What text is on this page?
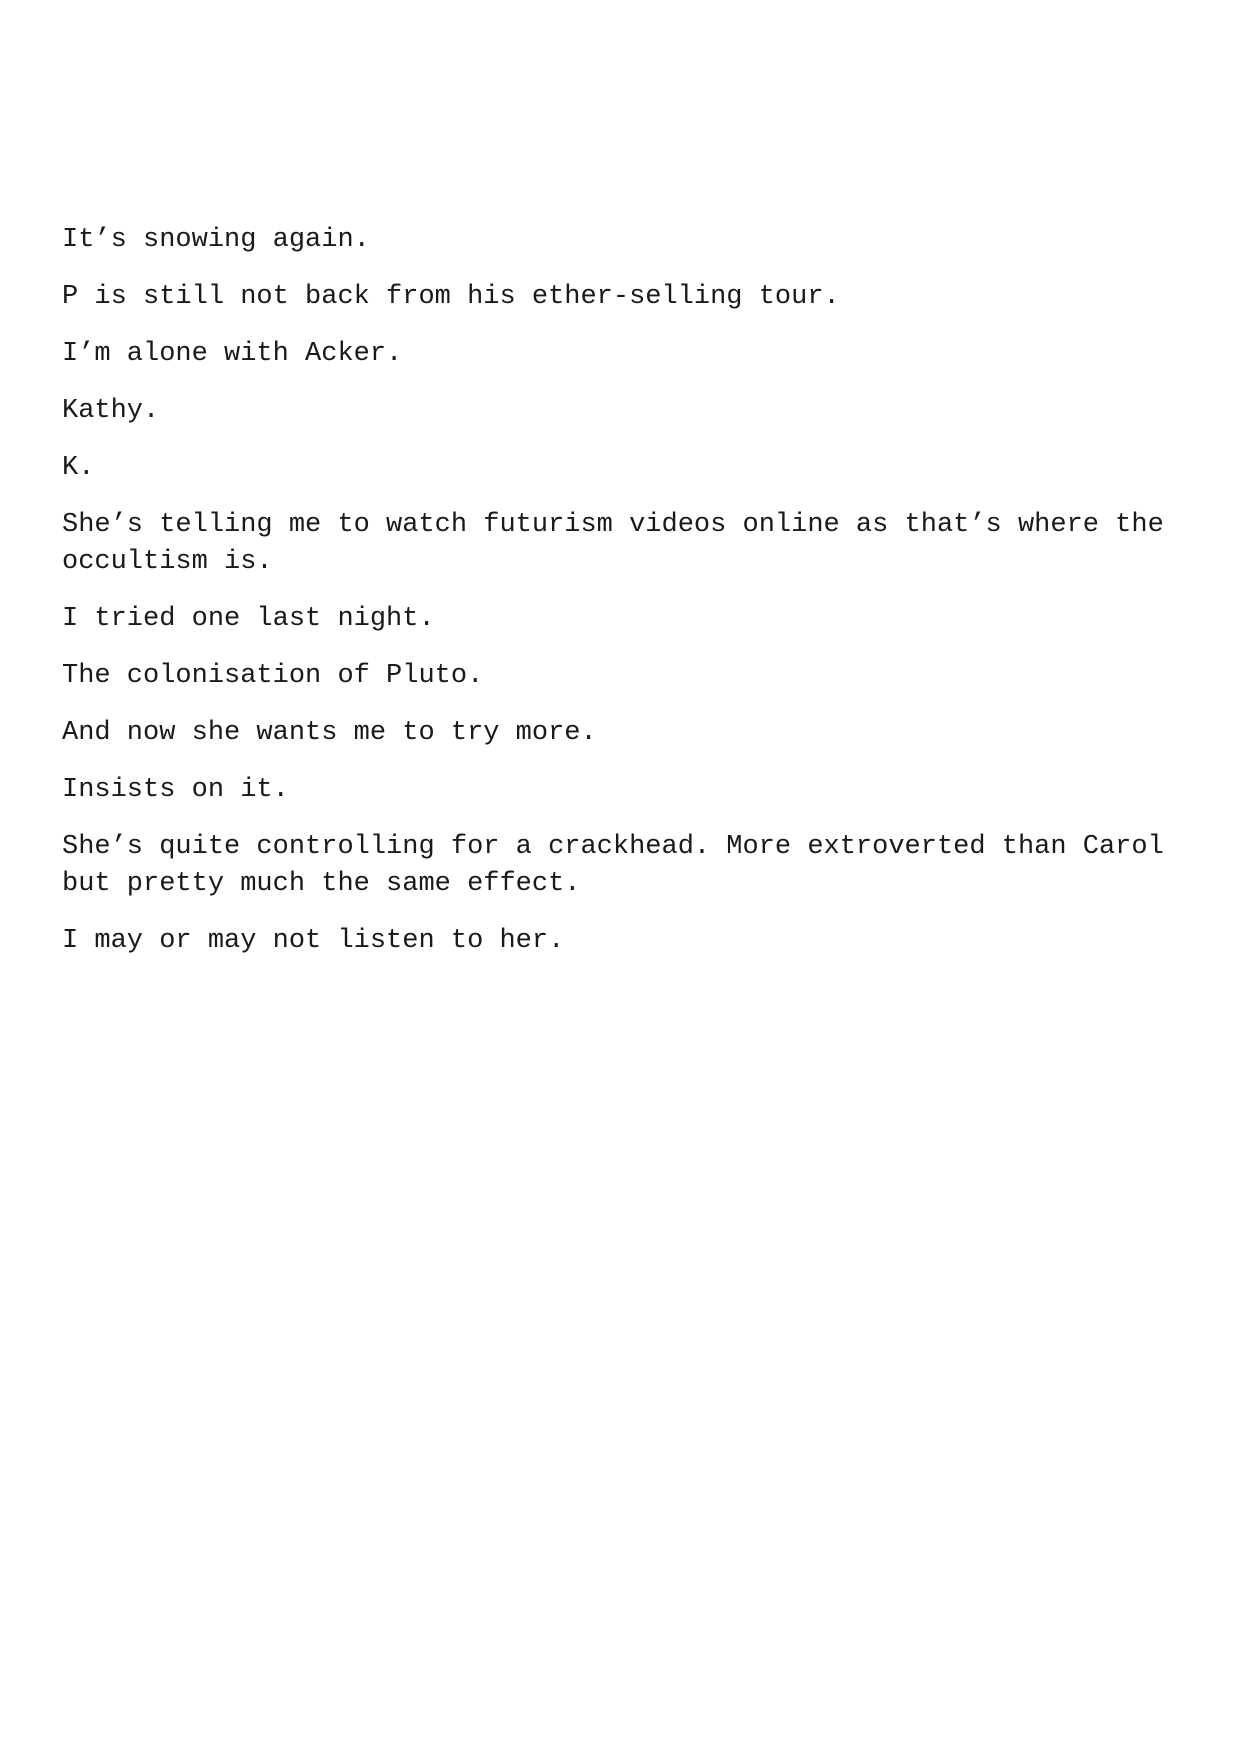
It’s snowing again.

P is still not back from his ether-selling tour.

I’m alone with Acker.

Kathy.

K.

She’s telling me to watch futurism videos online as that’s where the occultism is.

I tried one last night.

The colonisation of Pluto.

And now she wants me to try more.

Insists on it.

She’s quite controlling for a crackhead. More extroverted than Carol but pretty much the same effect.

I may or may not listen to her.
